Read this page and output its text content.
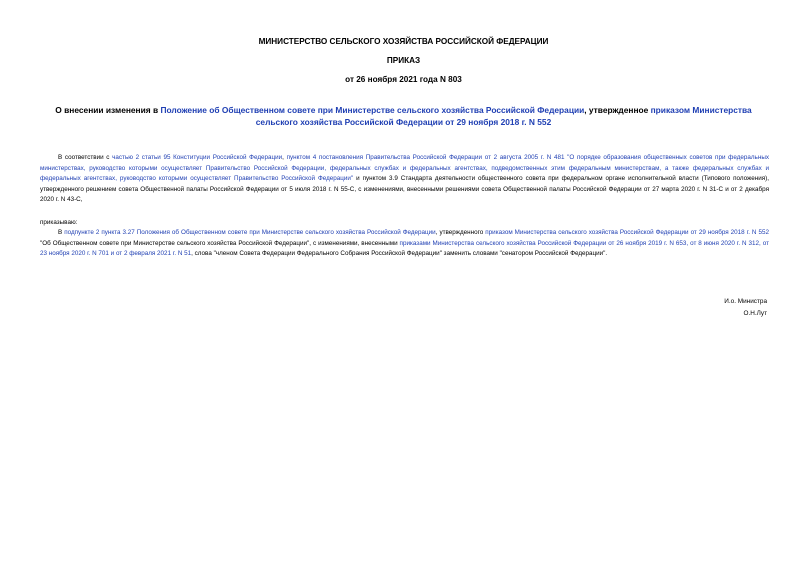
МИНИСТЕРСТВО СЕЛЬСКОГО ХОЗЯЙСТВА РОССИЙСКОЙ ФЕДЕРАЦИИ
ПРИКАЗ
от 26 ноября 2021 года N 803
О внесении изменения в Положение об Общественном совете при Министерстве сельского хозяйства Российской Федерации, утвержденное приказом Министерства сельского хозяйства Российской Федерации от 29 ноября 2018 г. N 552
В соответствии с частью 2 статьи 95 Конституции Российской Федерации, пунктом 4 постановления Правительства Российской Федерации от 2 августа 2005 г. N 481 "О порядке образования общественных советов при федеральных министерствах, руководство которыми осуществляет Правительство Российской Федерации, федеральных службах и федеральных агентствах, подведомственных этим федеральным министерствам, а также федеральных службах и федеральных агентствах, руководство которыми осуществляет Правительство Российской Федерации" и пунктом 3.9 Стандарта деятельности общественного совета при федеральном органе исполнительной власти (Типового положения), утвержденного решением совета Общественной палаты Российской Федерации от 5 июля 2018 г. N 55-С, с изменениями, внесенными решениями совета Общественной палаты Российской Федерации от 27 марта 2020 г. N 31-С и от 2 декабря 2020 г. N 43-С,
приказываю:
В подпункте 2 пункта 3.27 Положения об Общественном совете при Министерстве сельского хозяйства Российской Федерации, утвержденного приказом Министерства сельского хозяйства Российской Федерации от 29 ноября 2018 г. N 552 "Об Общественном совете при Министерстве сельского хозяйства Российской Федерации", с изменениями, внесенными приказами Министерства сельского хозяйства Российской Федерации от 26 ноября 2019 г. N 653, от 8 июня 2020 г. N 312, от 23 ноября 2020 г. N 701 и от 2 февраля 2021 г. N 51, слова "членом Совета Федерации Федерального Собрания Российской Федерации" заменить словами "сенатором Российской Федерации".
И.о. Министра
О.Н.Лут
